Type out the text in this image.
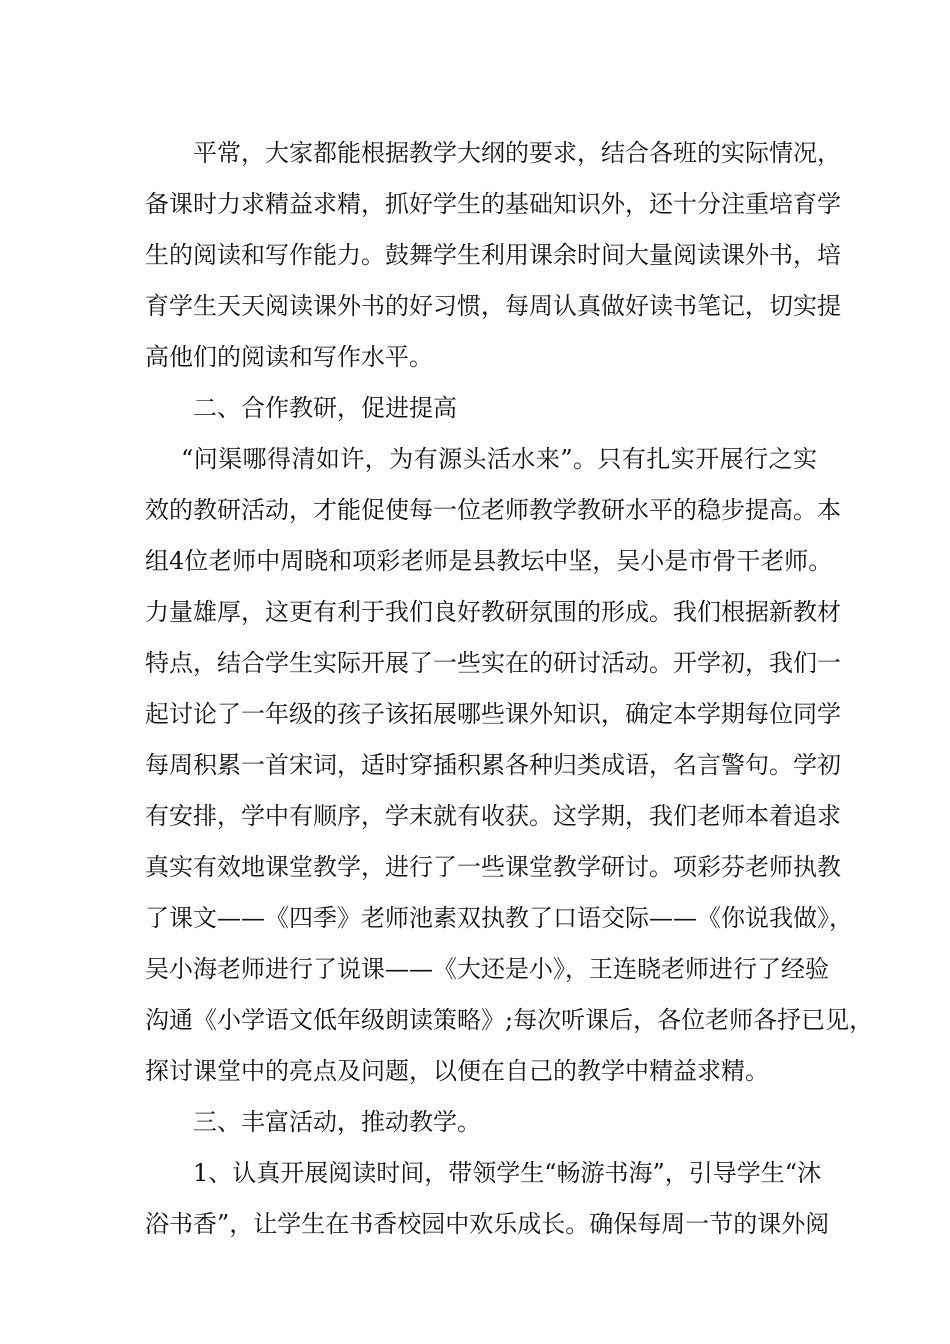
平常，大家都能根据教学大纲的要求，结合各班的实际情况，
备课时力求精益求精，抓好学生的基础知识外，还十分注重培育学
生的阅读和写作能力。鼓舞学生利用课余时间大量阅读课外书，培
育学生天天阅读课外书的好习惯，每周认真做好读书笔记，切实提
高他们的阅读和写作水平。
二、合作教研，促进提高
“问渠哪得清如许，为有源头活水来”。只有扎实开展行之实
效的教研活动，才能促使每一位老师教学教研水平的稳步提高。本
组4位老师中周晓和项彩老师是县教坛中坚，吴小是市骨干老师。
力量雄厚，这更有利于我们良好教研氛围的形成。我们根据新教材
特点，结合学生实际开展了一些实在的研讨活动。开学初，我们一
起讨论了一年级的孩子该拓展哪些课外知识，确定本学期每位同学
每周积累一首宋词，适时穿插积累各种归类成语，名言警句。学初
有安排，学中有顺序，学末就有收获。这学期，我们老师本着追求
真实有效地课堂教学，进行了一些课堂教学研讨。项彩芬老师执教
了课文——《四季》老师池素双执教了口语交际——《你说我做》，
吴小海老师进行了说课——《大还是小》，王连晓老师进行了经验
沟通《小学语文低年级朗读策略》;每次听课后，各位老师各抒已见，
探讨课堂中的亮点及问题，以便在自己的教学中精益求精。
三、丰富活动，推动教学。
1、认真开展阅读时间，带领学生“畅游书海”，引导学生“沐
浴书香”，让学生在书香校园中欢乐成长。确保每周一节的课外阅
